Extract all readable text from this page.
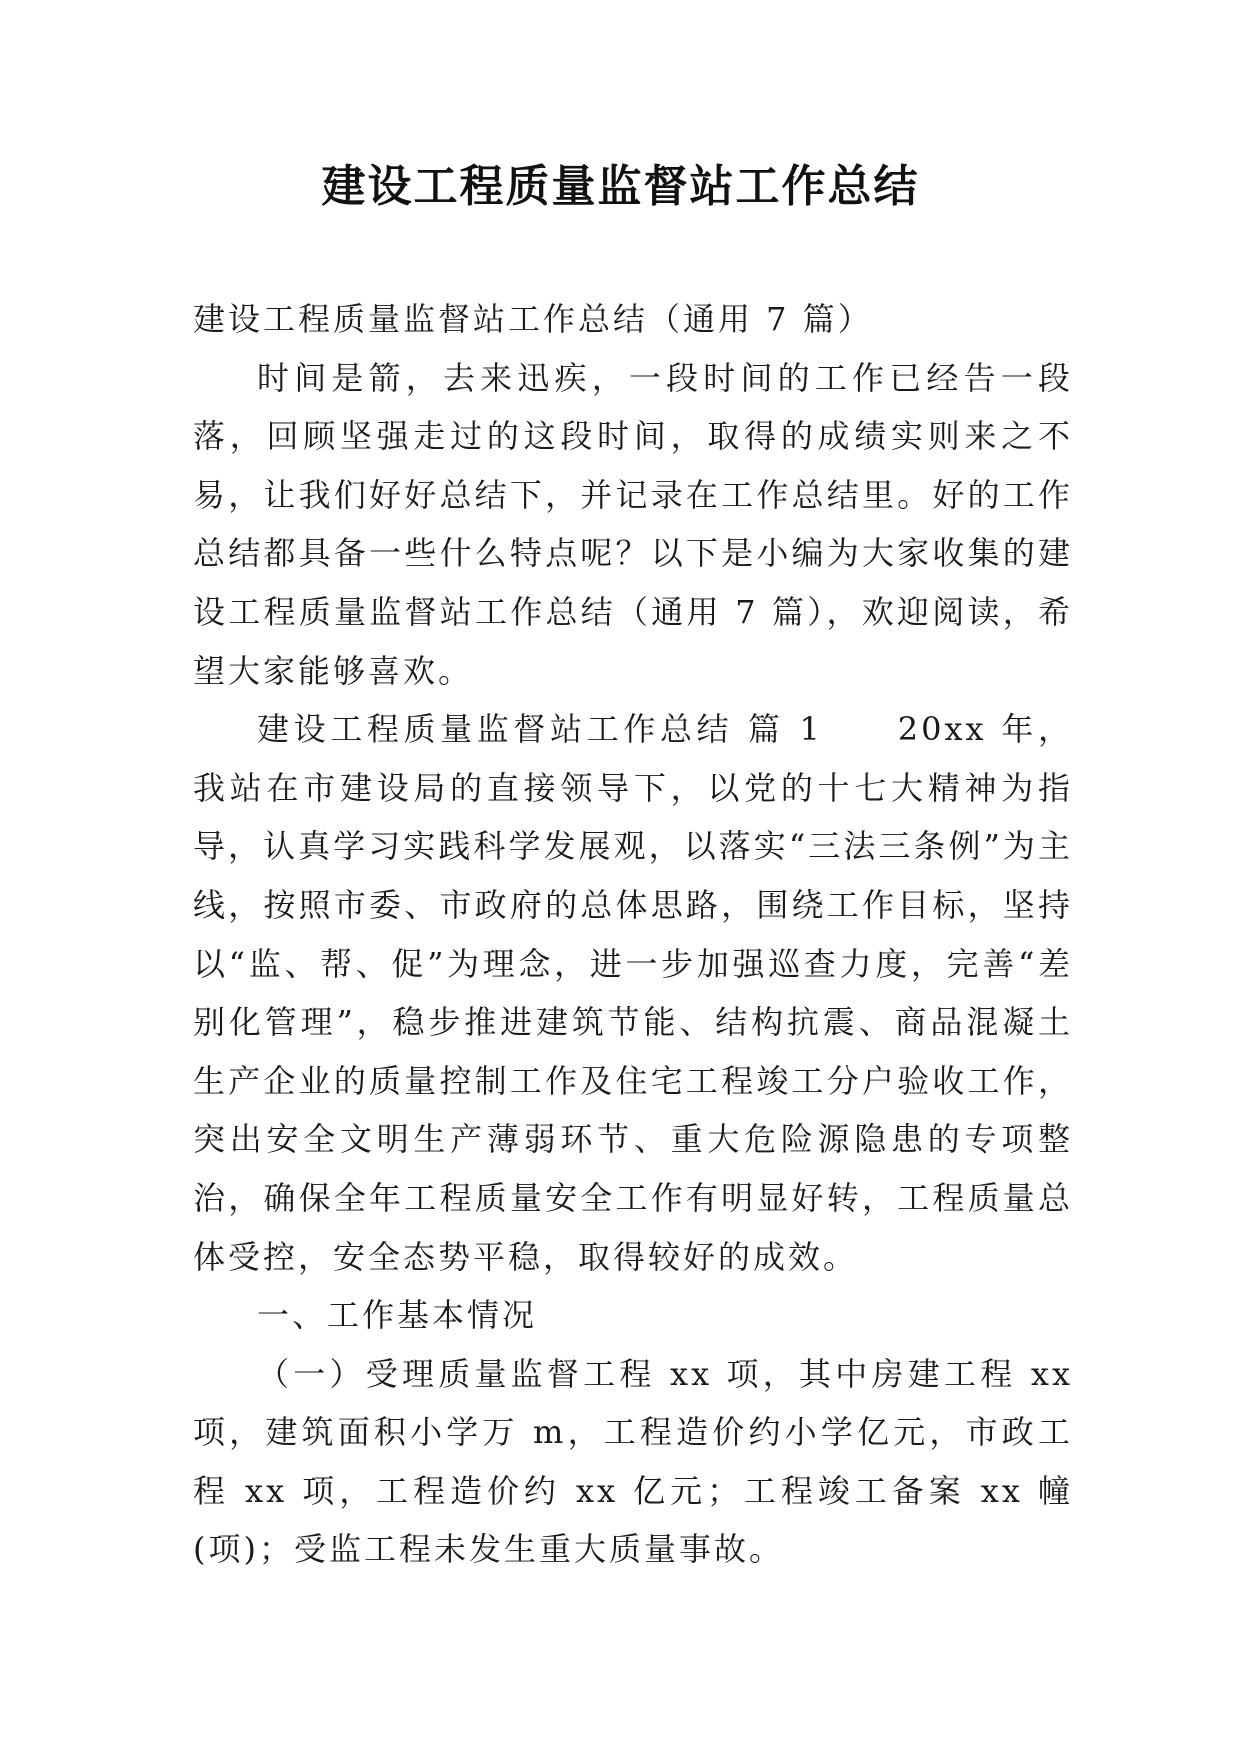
建设工程质量监督站工作总结

建设工程质量监督站工作总结（通用 7 篇）

时间是箭，去来迅疾，一段时间的工作已经告一段落，回顾坚强走过的这段时间，取得的成绩实则来之不易，让我们好好总结下，并记录在工作总结里。好的工作总结都具备一些什么特点呢？以下是小编为大家收集的建设工程质量监督站工作总结（通用 7 篇），欢迎阅读，希望大家能够喜欢。

建设工程质量监督站工作总结 篇 1　　20xx 年，我站在市建设局的直接领导下，以党的十七大精神为指导，认真学习实践科学发展观，以落实“三法三条例”为主线，按照市委、市政府的总体思路，围绕工作目标，坚持以“监、帮、促”为理念，进一步加强巡查力度，完善“差别化管理”，稳步推进建筑节能、结构抗震、商品混凝土生产企业的质量控制工作及住宅工程竣工分户验收工作，突出安全文明生产薄弱环节、重大危险源隐患的专项整治，确保全年工程质量安全工作有明显好转，工程质量总体受控，安全态势平稳，取得较好的成效。

一、工作基本情况

（一）受理质量监督工程 xx 项，其中房建工程 xx 项，建筑面积小学万 m，工程造价约小学亿元，市政工程 xx 项，工程造价约 xx 亿元；工程竣工备案 xx 幢(项)；受监工程未发生重大质量事故。
